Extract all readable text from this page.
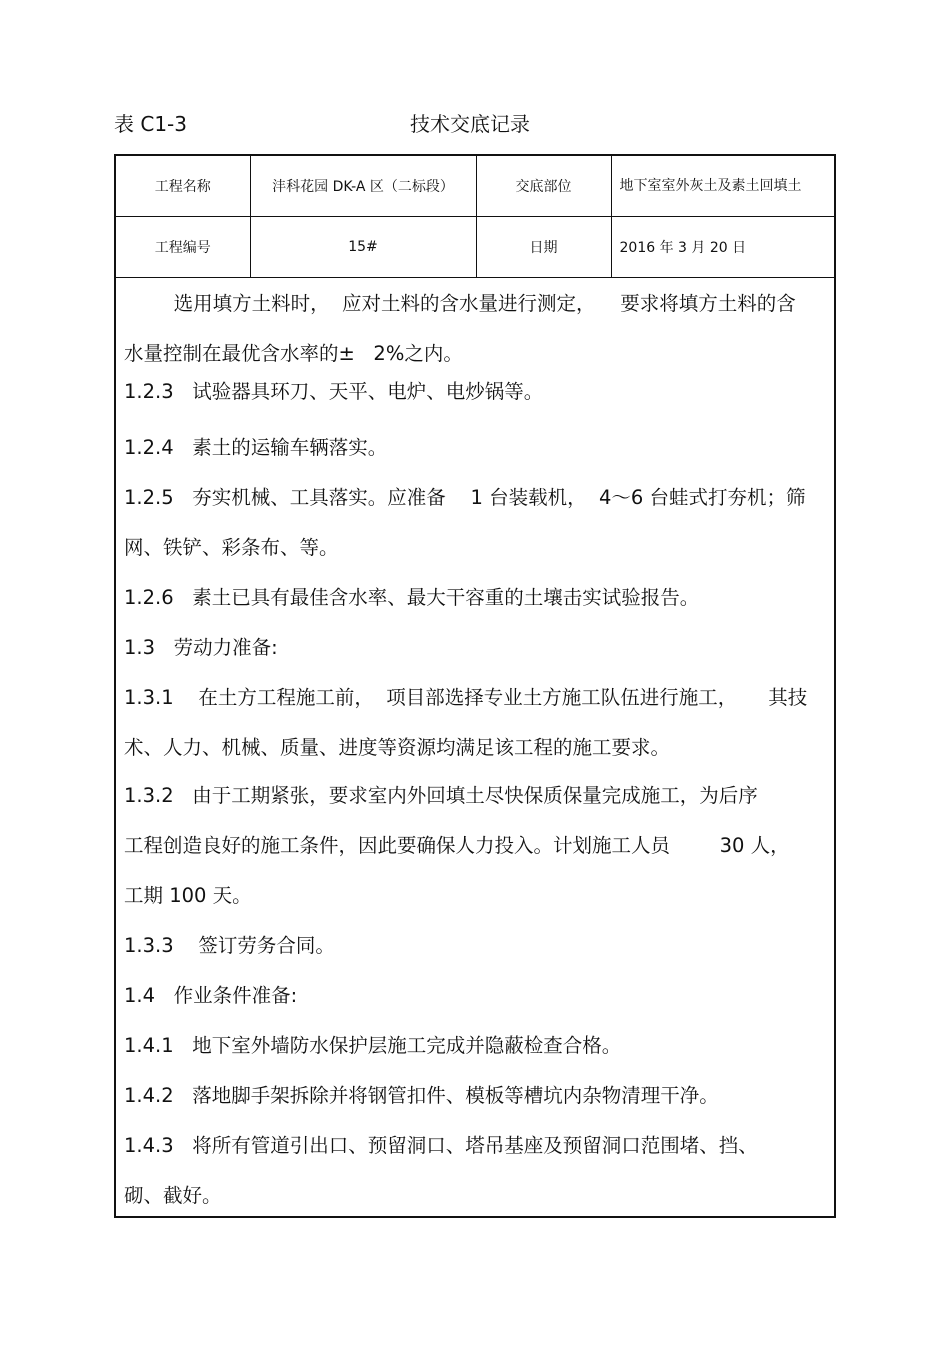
表 C1-3	技术交底记录
工程名称	沣科花园 DK-A 区（二标段）	交底部位	地下室室外灰土及素土回填土
工程编号	15#	日期	2016 年 3 月 20 日
选用填方土料时，  应对土料的含水量进行测定，    要求将填方土料的含
水量控制在最优含水率的±   2%之内。
1.2.3   试验器具环刀、天平、电炉、电炒锅等。
1.2.4   素土的运输车辆落实。
1.2.5   夯实机械、工具落实。应准备    1 台装载机，  4～6 台蛙式打夯机；筛
网、铁铲、彩条布、等。
1.2.6   素土已具有最佳含水率、最大干容重的土壤击实试验报告。
1.3   劳动力准备:
1.3.1    在土方工程施工前，  项目部选择专业土方施工队伍进行施工，     其技
术、人力、机械、质量、进度等资源均满足该工程的施工要求。
1.3.2   由于工期紧张，要求室内外回填土尽快保质保量完成施工，为后序
工程创造良好的施工条件，因此要确保人力投入。计划施工人员        30 人，
工期 100 天。
1.3.3    签订劳务合同。
1.4   作业条件准备:
1.4.1   地下室外墙防水保护层施工完成并隐蔽检查合格。
1.4.2   落地脚手架拆除并将钢管扣件、模板等槽坑内杂物清理干净。
1.4.3   将所有管道引出口、预留洞口、塔吊基座及预留洞口范围堵、挡、
砌、截好。
